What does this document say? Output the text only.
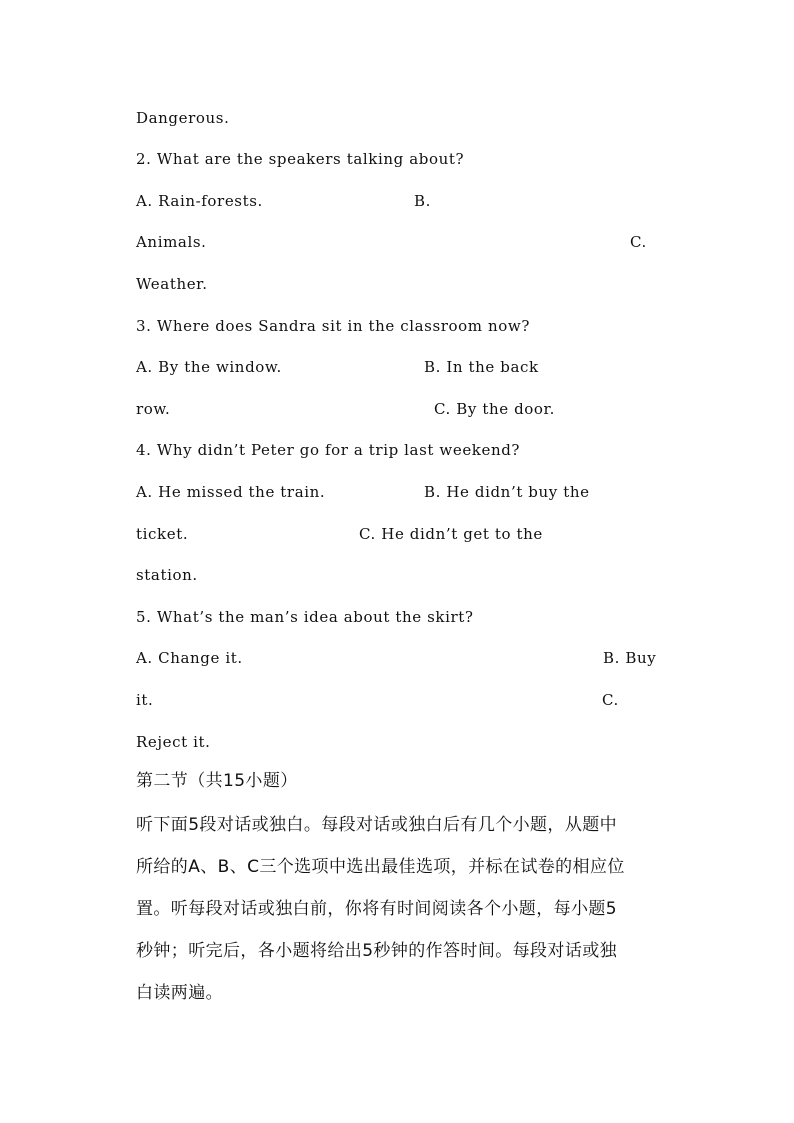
Dangerous.
2. What are the speakers talking about?
A. Rain-forests.	B.
Animals.	C.
Weather.
3. Where does Sandra sit in the classroom now?
A. By the window.	B. In the back
row.	C. By the door.
4. Why didn’t Peter go for a trip last weekend?
A. He missed the train.	B. He didn’t buy the
ticket.	C. He didn’t get to the
station.
5. What’s the man’s idea about the skirt?
A. Change it.	B. Buy
it.	C.
Reject it.
第二节（共15小题）
听下面5段对话或独白。每段对话或独白后有几个小题，从题中
所给的A、B、C三个选项中选出最佳选项，并标在试卷的相应位
置。听每段对话或独白前，你将有时间阅读各个小题，每小题5
秒钟；听完后，各小题将给出5秒钟的作答时间。每段对话或独
白读两遍。
